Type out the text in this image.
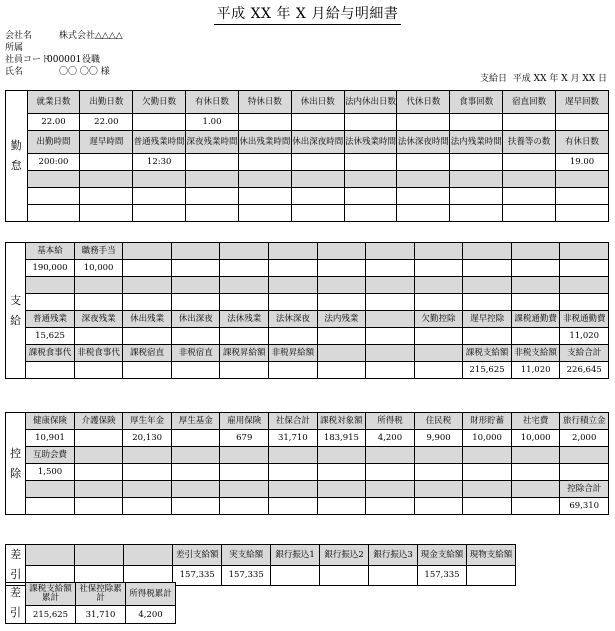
平成 XX 年 X 月給与明細書
会社名	株式会社△△△△
所属
社員コード000001役職
氏名	〇〇 〇〇 様
支給日 平成 XX 年 X 月 XX 日
勤
怠	就業日数	出勤日数	欠勤日数	有休日数	特休日数	休出日数	法内休出日数	代休日数	食事回数	宿直回数	遅早回数
	22.00	22.00		1.00							
	出勤時間	遅早時間	普通残業時間	深夜残業時間	休出残業時間	休出深夜時間	法休残業時間	法休深夜時間	法内残業時間	扶養等の数	有休日数
	200:00		12:30								19.00

支
給	基本給	職務手当										
	190,000	10,000										

	普通残業	深夜残業	休出残業	休出深夜	法休残業	法休深夜	法内残業		欠勤控除	遅早控除	課税通勤費	非税通勤費
	15,625											11,020
	課税食事代	非税食事代	課税宿直	非税宿直	課税昇給額	非税昇給額				課税支給額	非税支給額	支給合計
										215,625	11,020	226,645
控
除	健康保険	介護保険	厚生年金	厚生基金	雇用保険	社保合計	課税対象額	所得税	住民税	財形貯蓄	社宅費	旅行積立金
	10,901		20,130		679	31,710	183,915	4,200	9,900	10,000	10,000	2,000
	互助会費											
	1,500											
												控除合計
												69,310
差
引				差引支給額	実支給額	銀行振込1	銀行振込2	銀行振込3	現金支給額	現物支給額
				157,335	157,335				157,335	
差
引	課税支給額累計	社保控除累計	所得税累計
	215,625	31,710	4,200
